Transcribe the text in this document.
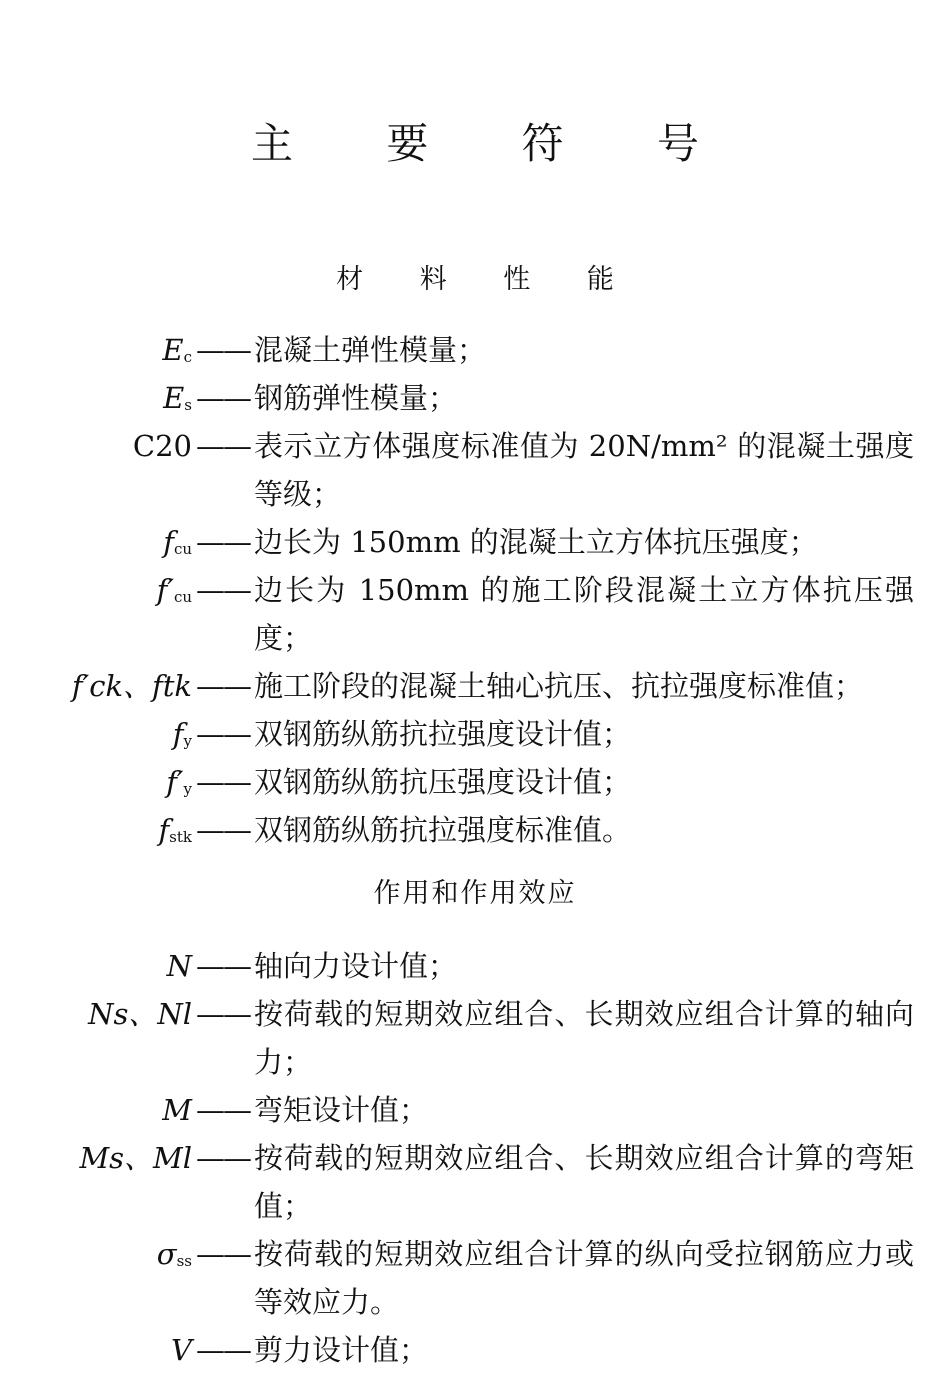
主 要 符 号
材 料 性 能
$E_c$ —— 混凝土弹性模量；
$E_s$ —— 钢筋弹性模量；
C20 —— 表示立方体强度标准值为 20N/mm² 的混凝土强度等级；
$f_{cu}$ —— 边长为 150mm 的混凝土立方体抗压强度；
$f'_{cu}$ —— 边长为 150mm 的施工阶段混凝土立方体抗压强度；
f′ck、ftk —— 施工阶段的混凝土轴心抗压、抗拉强度标准值；
$f_y$ —— 双钢筋纵筋抗拉强度设计值；
$f'_y$ —— 双钢筋纵筋抗压强度设计值；
$f_{stk}$ —— 双钢筋纵筋抗拉强度标准值。
作用和作用效应
N —— 轴向力设计值；
Ns、Nl —— 按荷载的短期效应组合、长期效应组合计算的轴向力；
M —— 弯矩设计值；
Ms、Ml —— 按荷载的短期效应组合、长期效应组合计算的弯矩值；
$\sigma_{ss}$ —— 按荷载的短期效应组合计算的纵向受拉钢筋应力或等效应力。
V —— 剪力设计值；
